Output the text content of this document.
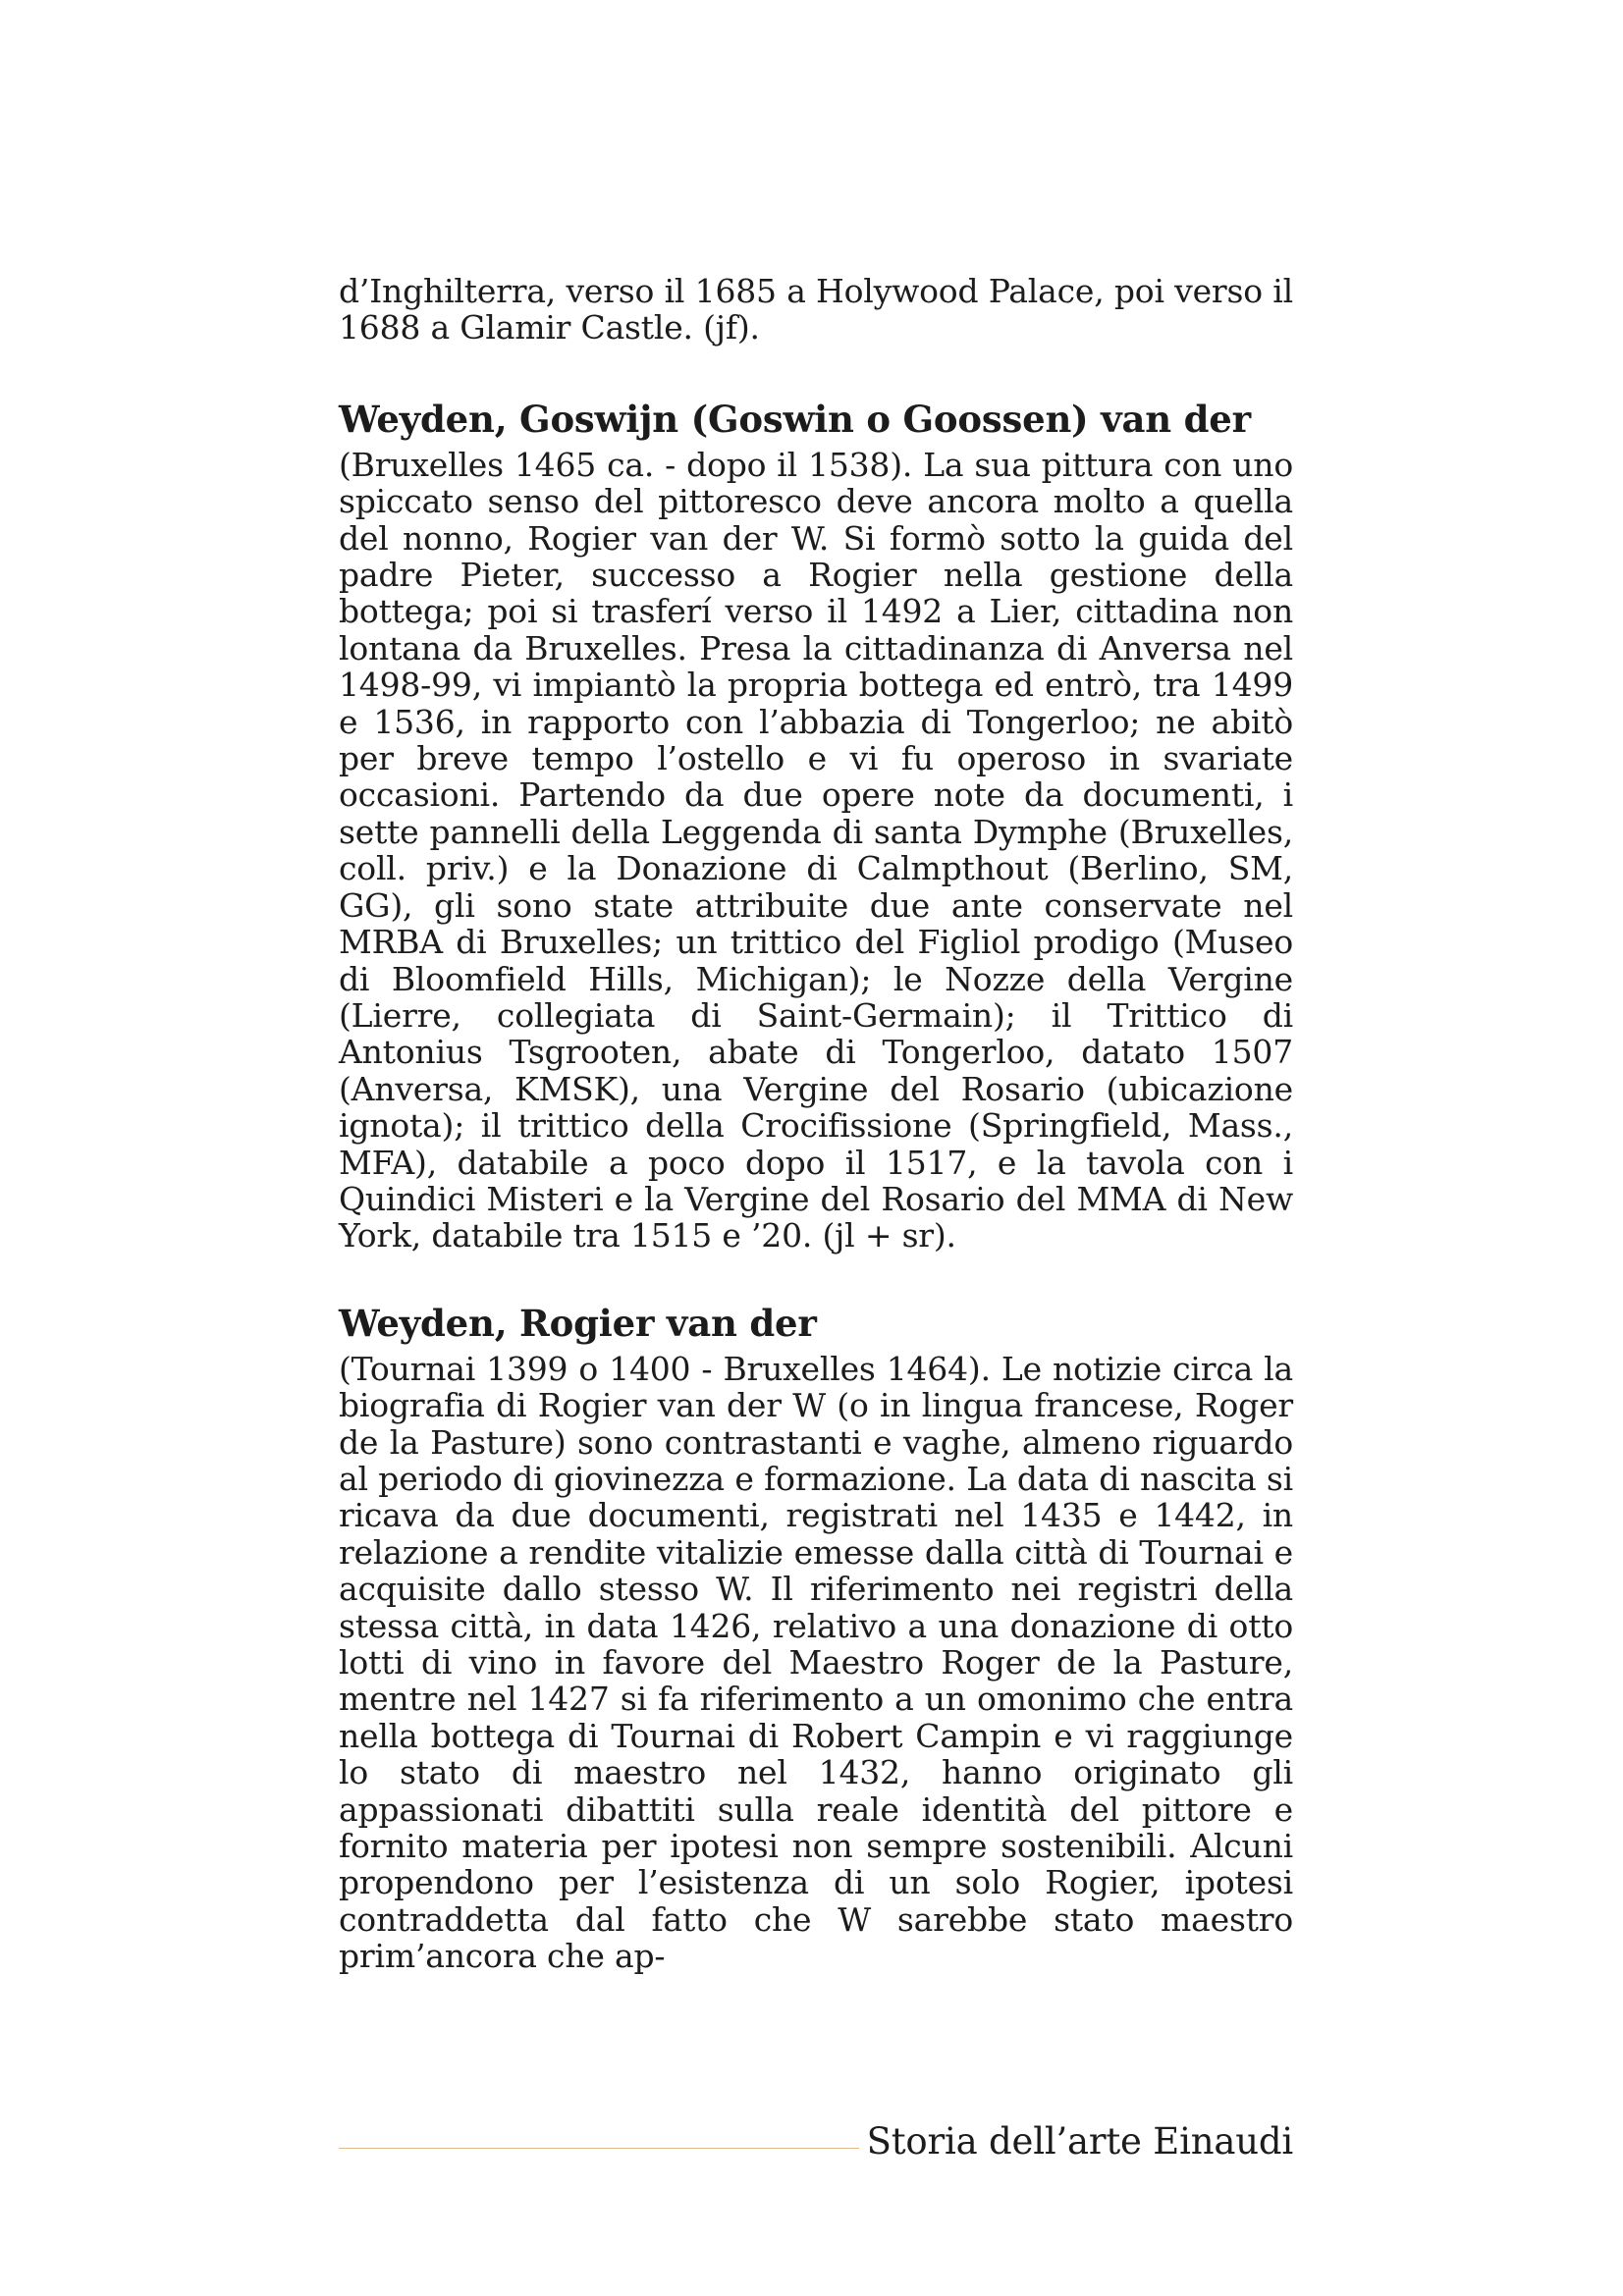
d’Inghilterra, verso il 1685 a Holywood Palace, poi verso il 1688 a Glamir Castle. (jf).

Weyden, Goswijn (Goswin o Goossen) van der

(Bruxelles 1465 ca. - dopo il 1538). La sua pittura con uno spiccato senso del pittoresco deve ancora molto a quella del nonno, Rogier van der W. Si formò sotto la guida del padre Pieter, successo a Rogier nella gestione della bottega; poi si trasferí verso il 1492 a Lier, cittadina non lontana da Bruxelles. Presa la cittadinanza di Anversa nel 1498-99, vi impiantò la propria bottega ed entrò, tra 1499 e 1536, in rapporto con l’abbazia di Tongerloo; ne abitò per breve tempo l’ostello e vi fu operoso in svariate occasioni. Partendo da due opere note da documenti, i sette pannelli della Leggenda di santa Dymphe (Bruxelles, coll. priv.) e la Donazione di Calmpthout (Berlino, SM, GG), gli sono state attribuite due ante conservate nel MRBA di Bruxelles; un trittico del Figliol prodigo (Museo di Bloomfield Hills, Michigan); le Nozze della Vergine (Lierre, collegiata di Saint-Germain); il Trittico di Antonius Tsgrooten, abate di Tongerloo, datato 1507 (Anversa, KMSK), una Vergine del Rosario (ubicazione ignota); il trittico della Crocifissione (Springfield, Mass., MFA), databile a poco dopo il 1517, e la tavola con i Quindici Misteri e la Vergine del Rosario del MMA di New York, databile tra 1515 e ’20. (jl + sr).

Weyden, Rogier van der

(Tournai 1399 o 1400 - Bruxelles 1464). Le notizie circa la biografia di Rogier van der W (o in lingua francese, Roger de la Pasture) sono contrastanti e vaghe, almeno riguardo al periodo di giovinezza e formazione. La data di nascita si ricava da due documenti, registrati nel 1435 e 1442, in relazione a rendite vitalizie emesse dalla città di Tournai e acquisite dallo stesso W. Il riferimento nei registri della stessa città, in data 1426, relativo a una donazione di otto lotti di vino in favore del Maestro Roger de la Pasture, mentre nel 1427 si fa riferimento a un omonimo che entra nella bottega di Tournai di Robert Campin e vi raggiunge lo stato di maestro nel 1432, hanno originato gli appassionati dibattiti sulla reale identità del pittore e fornito materia per ipotesi non sempre sostenibili. Alcuni propendono per l’esistenza di un solo Rogier, ipotesi contraddetta dal fatto che W sarebbe stato maestro prim’ancora che ap-

Storia dell’arte Einaudi
